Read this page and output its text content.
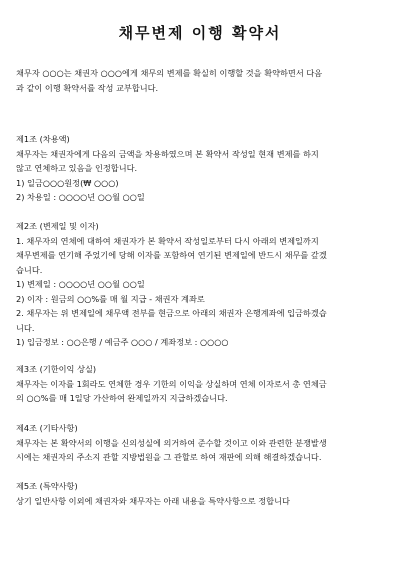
채무변제 이행 확약서
채무자 ○○○는 채권자 ○○○에게 채무의 변제를 확실히 이행할 것을 확약하면서 다음
과 같이 이행 확약서를 작성 교부합니다.
제1조 (차용액)
채무자는 채권자에게 다음의 금액을 차용하였으며 본 확약서 작성일 현재 변제를 하지
않고 연체하고 있음을 인정합니다.
1) 일금○○○원정(₩ ○○○)
2) 차용일 : ○○○○년 ○○월 ○○일
제2조 (변제일 및 이자)
1. 채무자의 연체에 대하여 채권자가 본 확약서 작성일로부터 다시 아래의 변제일까지
채무변제를 연기해 주었기에 당해 이자를 포함하여 연기된 변제일에 반드시 채무를 갚겠
습니다.
1) 변제일 : ○○○○년 ○○월 ○○일
2) 이자 : 원금의 ○○%를 매 월 지급 - 채권자 계좌로
2. 채무자는 위 변제일에 채무액 전부를 현금으로 아래의 채권자 은행계좌에 입금하겠습
니다.
1) 입금정보 : ○○은행 / 예금주 ○○○ / 계좌정보 : ○○○○
제3조 (기한이익 상실)
채무자는 이자를 1회라도 연체한 경우 기한의 이익을 상실하며 연체 이자로서 총 연체금
의 ○○%를 매 1일당 가산하여 완제일까지 지급하겠습니다.
제4조 (기타사항)
채무자는 본 확약서의 이행을 신의성실에 의거하여 준수할 것이고 이와 관련한 분쟁발생
시에는 채권자의 주소지 관할 지방법원을 그 관할로 하여 재판에 의해 해결하겠습니다.
제5조 (특약사항)
상기 일반사항 이외에 채권자와 채무자는 아래 내용을 특약사항으로 정합니다
